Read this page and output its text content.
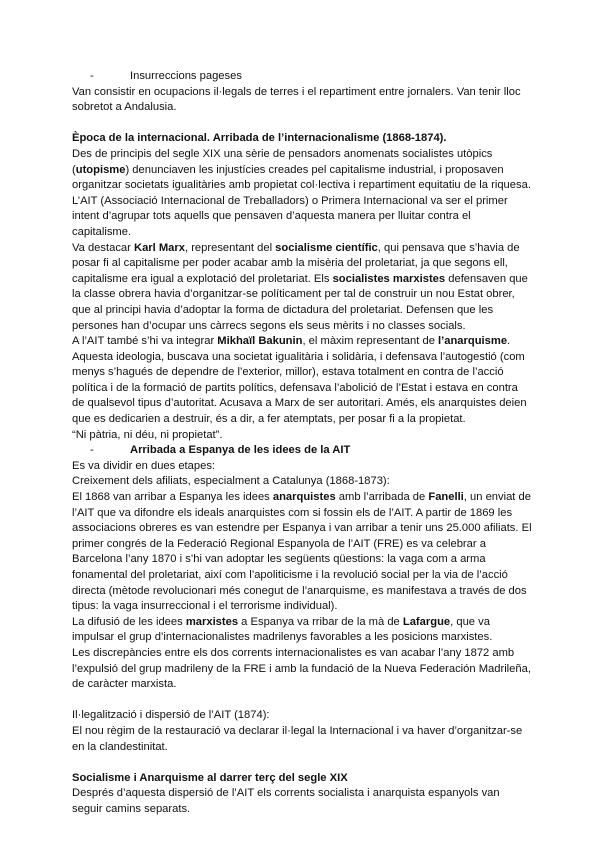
-	Insurreccions pageses

Van consistir en ocupacions il·legals de terres i el repartiment entre jornalers. Van tenir lloc sobretot a Andalusia.

Època de la internacional. Arribada de l’internacionalisme (1868-1874).

Des de principis del segle XIX una sèrie de pensadors anomenats socialistes utòpics (utopisme) denunciaven les injustícies creades pel capitalisme industrial, i proposaven organitzar societats igualitàries amb propietat col·lectiva i repartiment equitatiu de la riquesa.

L’AIT (Associació Internacional de Treballadors) o Primera Internacional va ser el primer intent d’agrupar tots aquells que pensaven d’aquesta manera per lluitar contra el capitalisme.

Va destacar Karl Marx, representant del socialisme científic, qui pensava que s’havia de posar fi al capitalisme per poder acabar amb la misèria del proletariat, ja que segons ell, capitalisme era igual a explotació del proletariat. Els socialistes marxistes defensaven que la classe obrera havia d’organitzar-se políticament per tal de construir un nou Estat obrer, que al principi havia d’adoptar la forma de dictadura del proletariat. Defensen que les persones han d’ocupar uns càrrecs segons els seus mèrits i no classes socials.

A l’AIT també s’hi va integrar Mikhaïl Bakunin, el màxim representant de l’anarquisme. Aquesta ideologia, buscava una societat igualitària i solidària, i defensava l’autogestió (com menys s’hagués de dependre de l’exterior, millor), estava totalment en contra de l’acció política i de la formació de partits polítics, defensava l’abolició de l’Estat i estava en contra de qualsevol tipus d’autoritat. Acusava a Marx de ser autoritari. Amés, els anarquistes deien que es dedicarien a destruir, és a dir, a fer atemptats, per posar fi a la propietat.

“Ni pàtria, ni déu, ni propietat”.

-	Arribada a Espanya de les idees de la AIT

Es va dividir en dues etapes:

Creixement dels afiliats, especialment a Catalunya (1868-1873):

El 1868 van arribar a Espanya les idees anarquistes amb l’arribada de Fanelli, un enviat de l’AIT que va difondre els ideals anarquistes com si fossin els de l’AIT. A partir de 1869 les associacions obreres es van estendre per Espanya i van arribar a tenir uns 25.000 afiliats. El primer congrés de la Federació Regional Espanyola de l’AIT (FRE) es va celebrar a Barcelona l’any 1870 i s’hi van adoptar les següents qüestions: la vaga com a arma fonamental del proletariat, així com l’apoliticisme i la revolució social per la via de l’acció directa (mètode revolucionari més conegut de l’anarquisme, es manifestava a través de dos tipus: la vaga insurreccional i el terrorisme individual).

La difusió de les idees marxistes a Espanya va rribar de la mà de Lafargue, que va impulsar el grup d’internacionalistes madrilenys favorables a les posicions marxistes.

Les discrepàncies entre els dos corrents internacionalistes es van acabar l’any 1872 amb l’expulsió del grup madrileny de la FRE i amb la fundació de la Nueva Federación Madrileña, de caràcter marxista.

Il·legalització i dispersió de l’AIT (1874):

El nou règim de la restauració va declarar il·legal la Internacional i va haver d’organitzar-se en la clandestinitat.

Socialisme i Anarquisme al darrer terç del segle XIX

Després d’aquesta dispersió de l’AIT els corrents socialista i anarquista espanyols van seguir camins separats.
